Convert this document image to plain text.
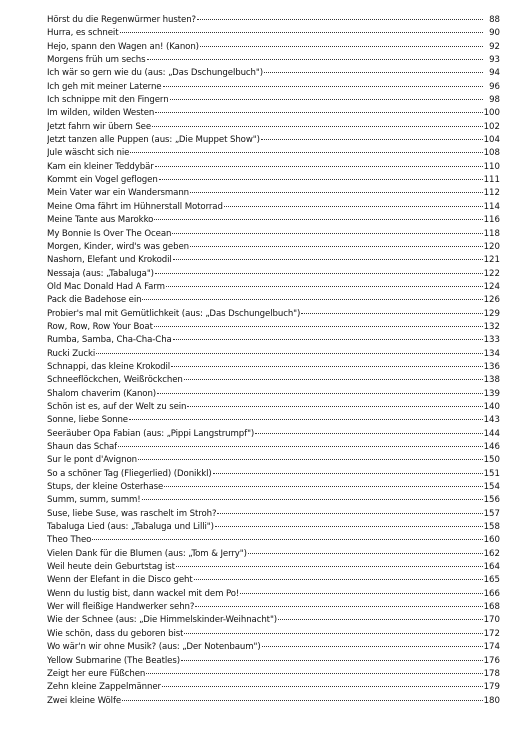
Hörst du die Regenwürmer husten?	88
Hurra, es schneit	90
Hejo, spann den Wagen an! (Kanon)	92
Morgens früh um sechs	93
Ich wär so gern wie du (aus: „Das Dschungelbuch")	94
Ich geh mit meiner Laterne	96
Ich schnippe mit den Fingern	98
Im wilden, wilden Westen	100
Jetzt fahrn wir übern See	102
Jetzt tanzen alle Puppen (aus: „Die Muppet Show")	104
Jule wäscht sich nie	108
Kam ein kleiner Teddybär	110
Kommt ein Vogel geflogen	111
Mein Vater war ein Wandersmann	112
Meine Oma fährt im Hühnerstall Motorrad	114
Meine Tante aus Marokko	116
My Bonnie Is Over The Ocean	118
Morgen, Kinder, wird's was geben	120
Nashorn, Elefant und Krokodil	121
Nessaja (aus: „Tabaluga")	122
Old Mac Donald Had A Farm	124
Pack die Badehose ein	126
Probier's mal mit Gemütlichkeit (aus: „Das Dschungelbuch")	129
Row, Row, Row Your Boat	132
Rumba, Samba, Cha-Cha-Cha	133
Rucki Zucki	134
Schnappi, das kleine Krokodil	136
Schneeflöckchen, Weißröckchen	138
Shalom chaverim (Kanon)	139
Schön ist es, auf der Welt zu sein	140
Sonne, liebe Sonne	143
Seeräuber Opa Fabian (aus: „Pippi Langstrumpf")	144
Shaun das Schaf	146
Sur le pont d'Avignon	150
So a schöner Tag (Fliegerlied) (Donikkl)	151
Stups, der kleine Osterhase	154
Summ, summ, summ!	156
Suse, liebe Suse, was raschelt im Stroh?	157
Tabaluga Lied (aus: „Tabaluga und Lilli")	158
Theo Theo	160
Vielen Dank für die Blumen (aus: „Tom & Jerry")	162
Weil heute dein Geburtstag ist	164
Wenn der Elefant in die Disco geht	165
Wenn du lustig bist, dann wackel mit dem Po!	166
Wer will fleißige Handwerker sehn?	168
Wie der Schnee (aus: „Die Himmelskinder-Weihnacht")	170
Wie schön, dass du geboren bist	172
Wo wär'n wir ohne Musik? (aus: „Der Notenbaum")	174
Yellow Submarine (The Beatles)	176
Zeigt her eure Füßchen	178
Zehn kleine Zappelmänner	179
Zwei kleine Wölfe	180
